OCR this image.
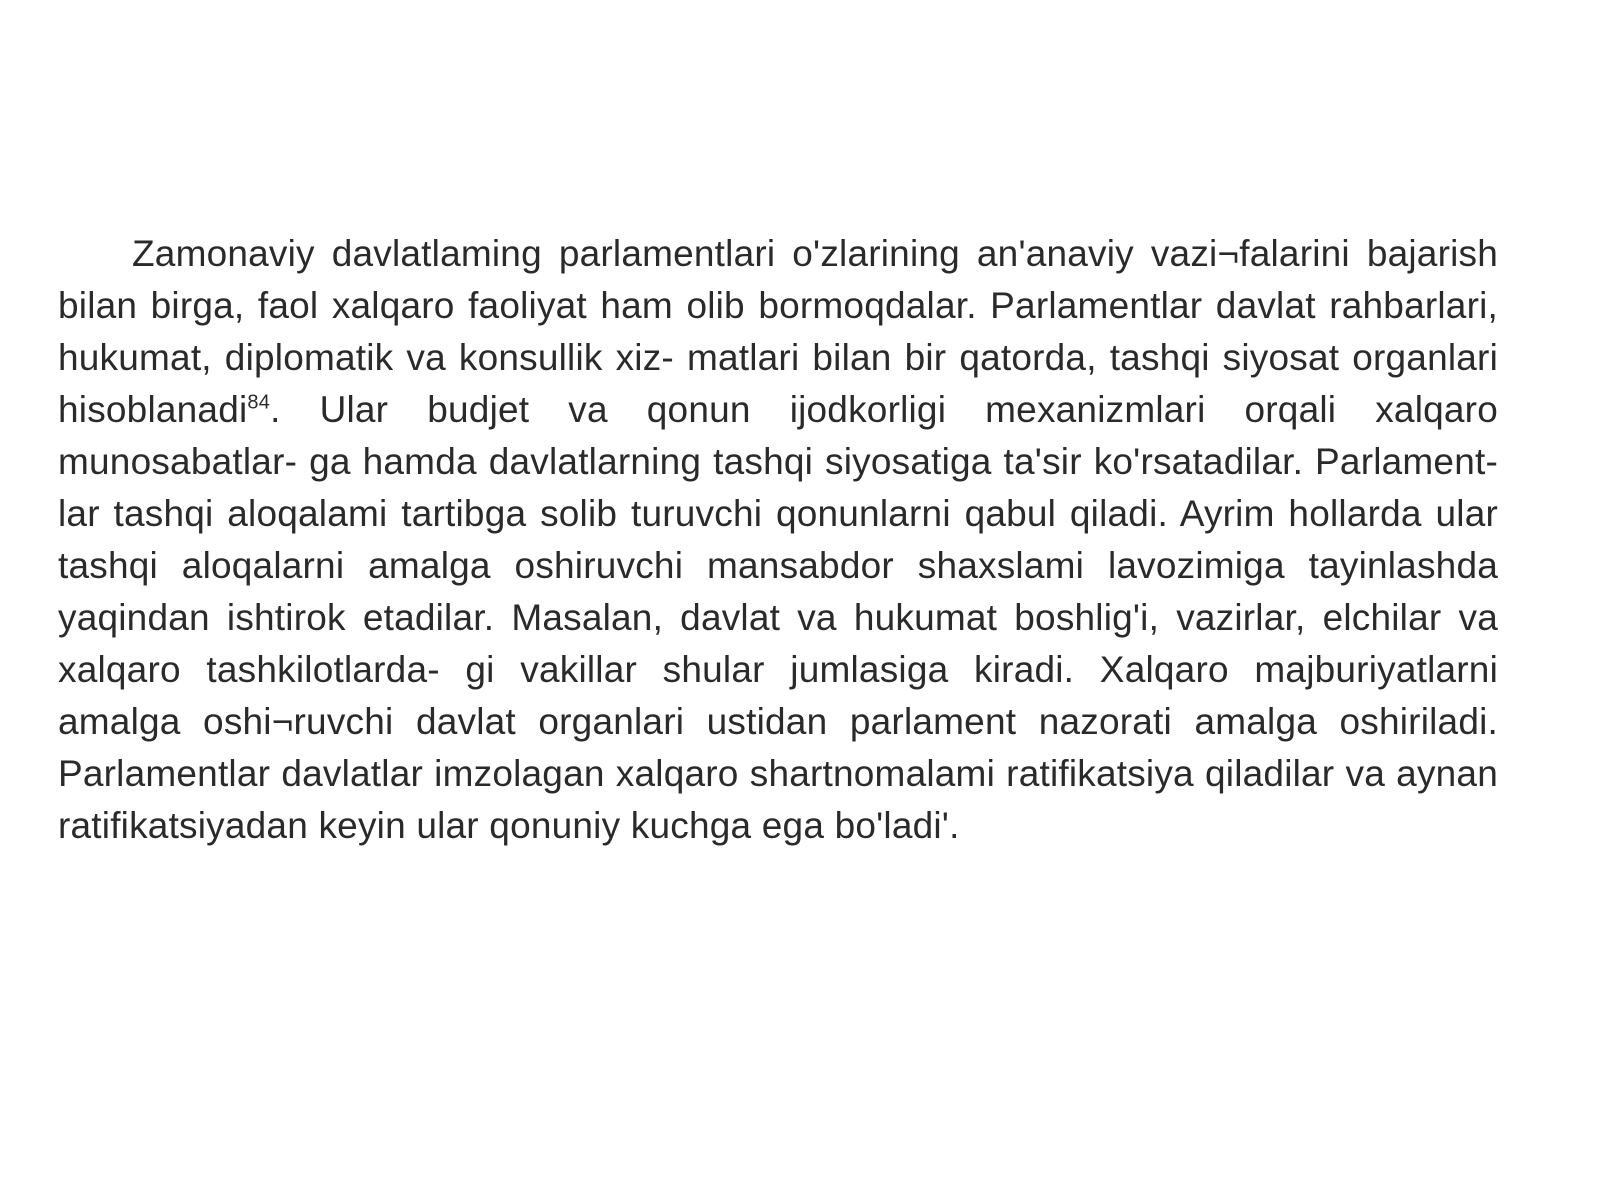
Zamonaviy davlatlaming parlamentlari o'zlarining an'anaviy vazi¬falarini bajarish bilan birga, faol xalqaro faoliyat ham olib bormoqdalar. Parlamentlar davlat rahbarlari, hukumat, diplomatik va konsullik xiz- matlari bilan bir qatorda, tashqi siyosat organlari hisoblanadi$^{84}$. Ular budjet va qonun ijodkorligi mexanizmlari orqali xalqaro munosabatlar- ga hamda davlatlarning tashqi siyosatiga ta'sir ko'rsatadilar. Parlament- lar tashqi aloqalami tartibga solib turuvchi qonunlarni qabul qiladi. Ayrim hollarda ular tashqi aloqalarni amalga oshiruvchi mansabdor shaxslami lavozimiga tayinlashda yaqindan ishtirok etadilar. Masalan, davlat va hukumat boshlig'i, vazirlar, elchilar va xalqaro tashkilotlarda- gi vakillar shular jumlasiga kiradi. Xalqaro majburiyatlarni amalga oshi¬ruvchi davlat organlari ustidan parlament nazorati amalga oshiriladi. Parlamentlar davlatlar imzolagan xalqaro shartnomalami ratifikatsiya qiladilar va aynan ratifikatsiyadan keyin ular qonuniy kuchga ega bo'ladi'.
